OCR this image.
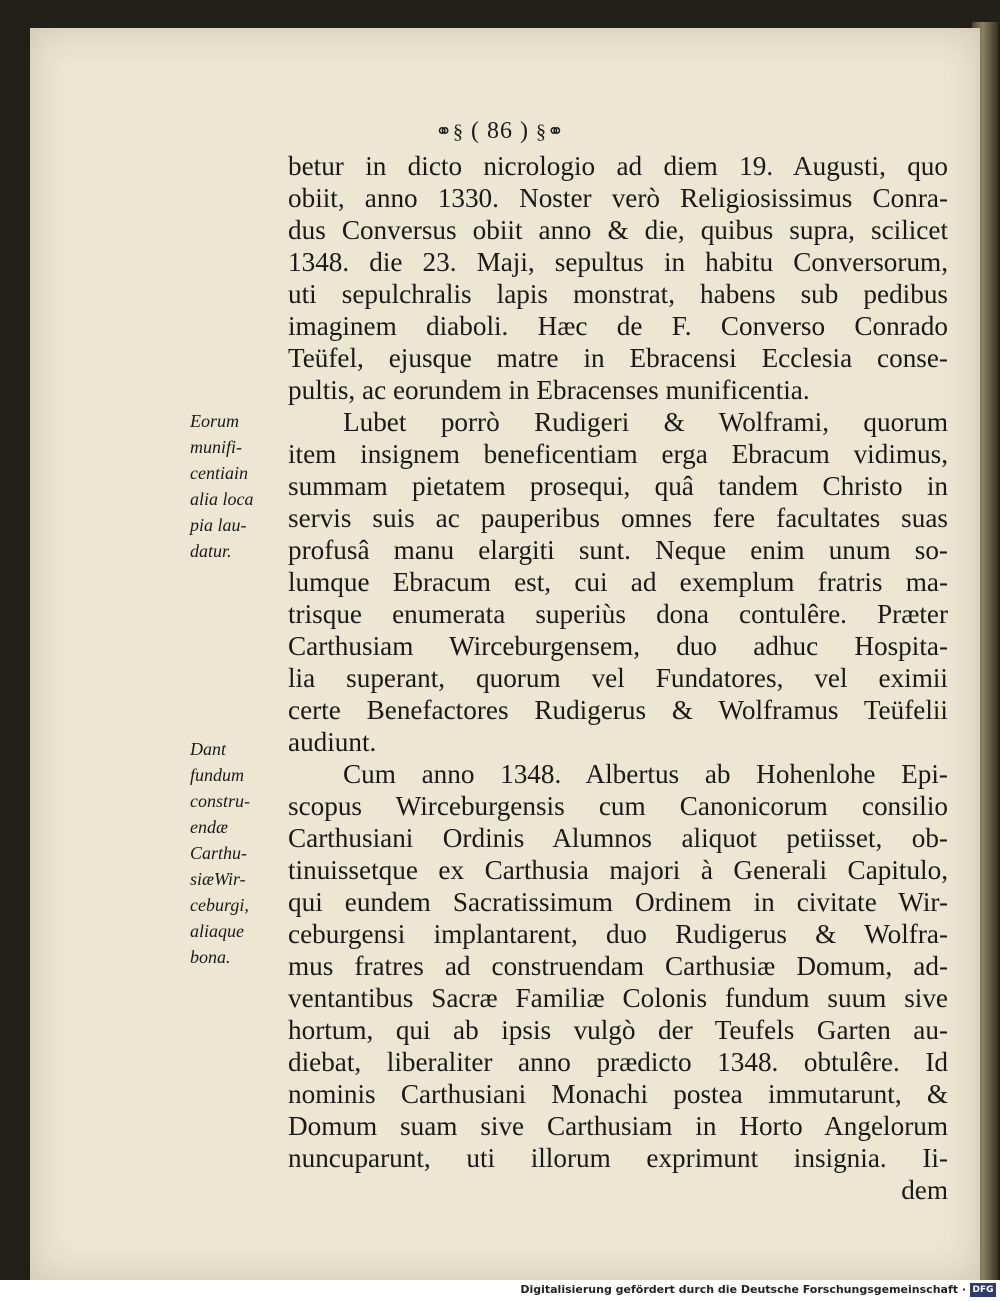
⚭§ ( 86 ) §⚭
Eorum
munifi-
centiain
alia loca
pia lau-
datur.
Dant
fundum
constru-
endæ
Carthu-
siæWir-
ceburgi,
aliaque
bona.
betur in dicto nicrologio ad diem 19. Augusti, quo
obiit, anno 1330. Noster verò Religiosissimus Conra-
dus Conversus obiit anno & die, quibus supra, scilicet
1348. die 23. Maji, sepultus in habitu Conversorum,
uti sepulchralis lapis monstrat, habens sub pedibus
imaginem diaboli. Hæc de F. Converso Conrado
Teüfel, ejusque matre in Ebracensi Ecclesia conse-
pultis, ac eorundem in Ebracenses munificentia.
Lubet porrò Rudigeri & Wolframi, quorum
item insignem beneficentiam erga Ebracum vidimus,
summam pietatem prosequi, quâ tandem Christo in
servis suis ac pauperibus omnes fere facultates suas
profusâ manu elargiti sunt. Neque enim unum so-
lumque Ebracum est, cui ad exemplum fratris ma-
trisque enumerata superiùs dona contulêre. Præter
Carthusiam Wirceburgensem, duo adhuc Hospita-
lia superant, quorum vel Fundatores, vel eximii
certe Benefactores Rudigerus & Wolframus Teüfelii
audiunt.
Cum anno 1348. Albertus ab Hohenlohe Epi-
scopus Wirceburgensis cum Canonicorum consilio
Carthusiani Ordinis Alumnos aliquot petiisset, ob-
tinuissetque ex Carthusia majori à Generali Capitulo,
qui eundem Sacratissimum Ordinem in civitate Wir-
ceburgensi implantarent, duo Rudigerus & Wolfra-
mus fratres ad construendam Carthusiæ Domum, ad-
ventantibus Sacræ Familiæ Colonis fundum suum sive
hortum, qui ab ipsis vulgò der Teufels Garten au-
diebat, liberaliter anno prædicto 1348. obtulêre. Id
nominis Carthusiani Monachi postea immutarunt, &
Domum suam sive Carthusiam in Horto Angelorum
nuncuparunt, uti illorum exprimunt insignia. Ii-
dem
Digitalisierung gefördert durch die Deutsche Forschungsgemeinschaft · DFG
